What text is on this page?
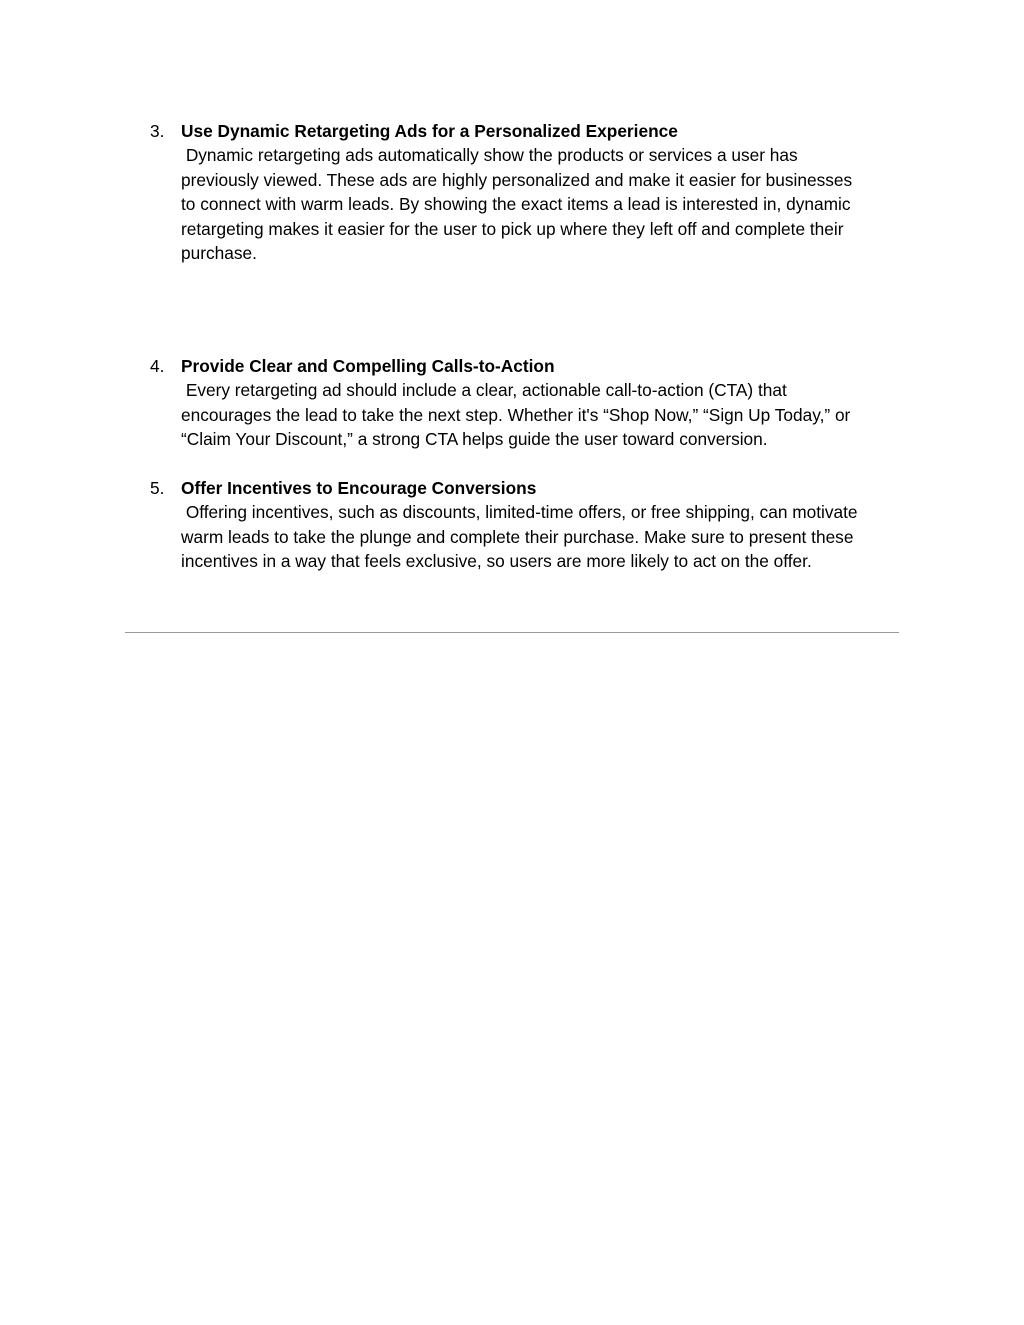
3. Use Dynamic Retargeting Ads for a Personalized Experience
Dynamic retargeting ads automatically show the products or services a user has
previously viewed. These ads are highly personalized and make it easier for businesses
to connect with warm leads. By showing the exact items a lead is interested in, dynamic
retargeting makes it easier for the user to pick up where they left off and complete their
purchase.
4. Provide Clear and Compelling Calls-to-Action
Every retargeting ad should include a clear, actionable call-to-action (CTA) that
encourages the lead to take the next step. Whether it's “Shop Now,” “Sign Up Today,” or
“Claim Your Discount,” a strong CTA helps guide the user toward conversion.
5. Offer Incentives to Encourage Conversions
Offering incentives, such as discounts, limited-time offers, or free shipping, can motivate
warm leads to take the plunge and complete their purchase. Make sure to present these
incentives in a way that feels exclusive, so users are more likely to act on the offer.
